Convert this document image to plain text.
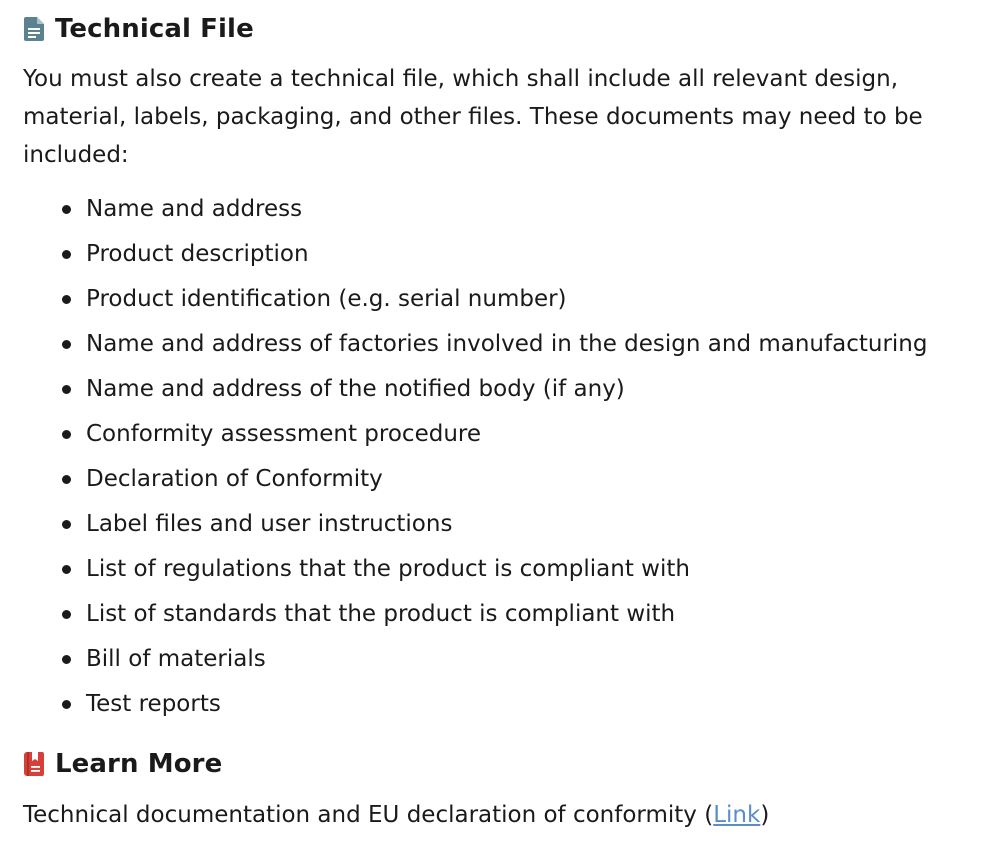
Technical File

You must also create a technical file, which shall include all relevant design, material, labels, packaging, and other files. These documents may need to be included:

Name and address
Product description
Product identification (e.g. serial number)
Name and address of factories involved in the design and manufacturing
Name and address of the notified body (if any)
Conformity assessment procedure
Declaration of Conformity
Label files and user instructions
List of regulations that the product is compliant with
List of standards that the product is compliant with
Bill of materials
Test reports
Learn More

Technical documentation and EU declaration of conformity (Link)
